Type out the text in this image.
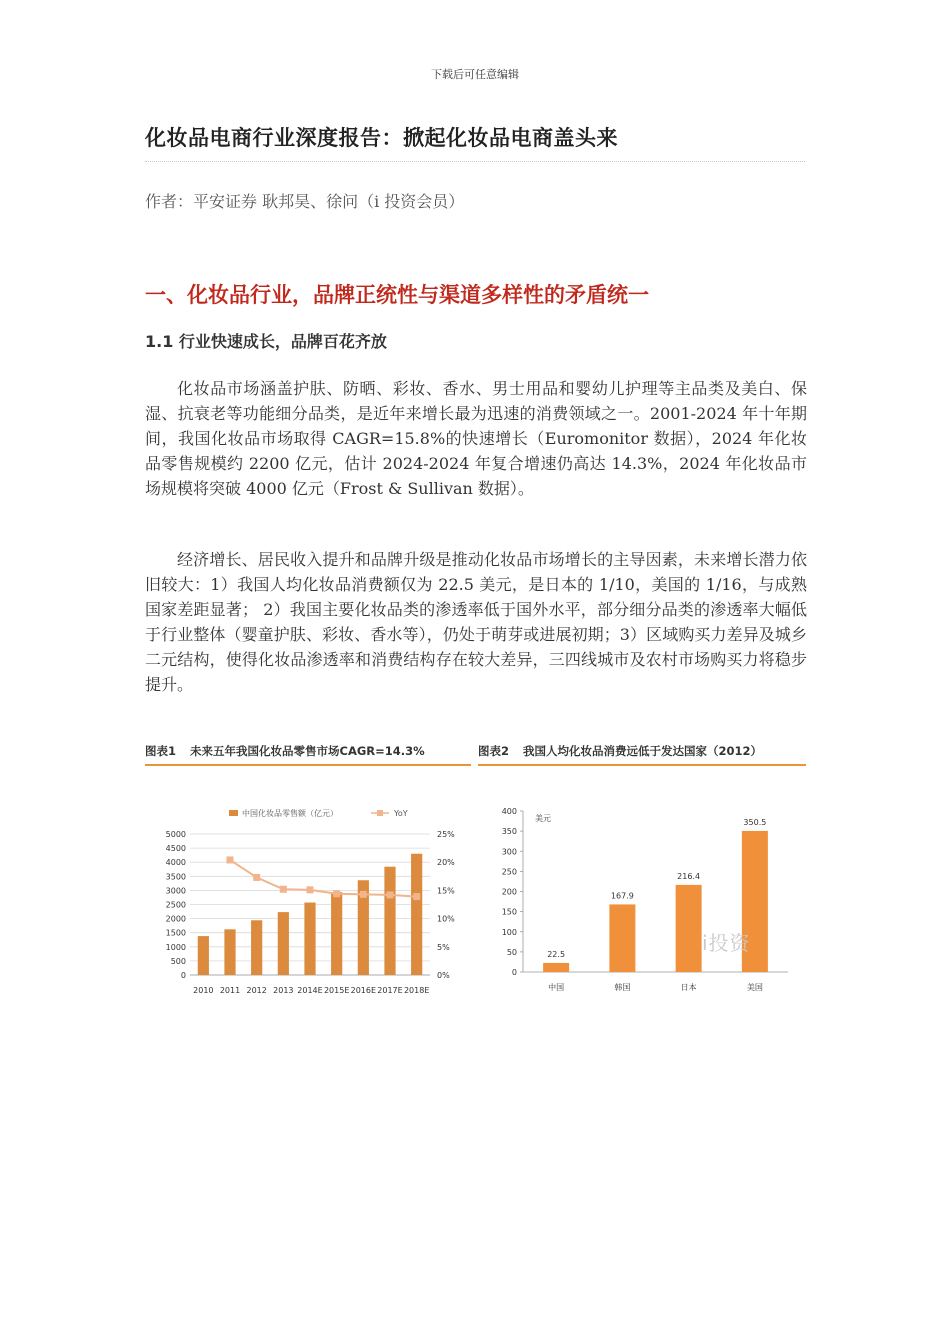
下载后可任意编辑
化妆品电商行业深度报告：掀起化妆品电商盖头来
作者：平安证券 耿邦昊、徐问（i 投资会员）
一、化妆品行业，品牌正统性与渠道多样性的矛盾统一
1.1 行业快速成长，品牌百花齐放

化妆品市场涵盖护肤、防晒、彩妆、香水、男士用品和婴幼儿护理等主品类及美白、保湿、抗衰老等功能细分品类，是近年来增长最为迅速的消费领域之一。2001-2024 年十年期间，我国化妆品市场取得 CAGR=15.8%的快速增长（Euromonitor 数据），2024 年化妆品零售规模约 2200 亿元，估计 2024-2024 年复合增速仍高达 14.3%，2024 年化妆品市场规模将突破 4000 亿元（Frost & Sullivan 数据）。

经济增长、居民收入提升和品牌升级是推动化妆品市场增长的主导因素，未来增长潜力依旧较大：1）我国人均化妆品消费额仅为 22.5 美元，是日本的 1/10，美国的 1/16，与成熟国家差距显著； 2）我国主要化妆品类的渗透率低于国外水平，部分细分品类的渗透率大幅低于行业整体（婴童护肤、彩妆、香水等），仍处于萌芽或进展初期；3）区域购买力差异及城乡二元结构，使得化妆品渗透率和消费结构存在较大差异，三四线城市及农村市场购买力将稳步提升。

图表1 未来五年我国化妆品零售市场CAGR=14.3%
中国化妆品零售额（亿元）	YoY
0
500
1000
1500
2000
2500
3000
3500
4000
4500
5000
0%
5%
10%
15%
20%
25%
2010 2011 2012 2013 2014E 2015E 2016E 2017E 2018E
图表2 我国人均化妆品消费远低于发达国家（2012）
0
50
100
150
200
250
300
350
400
美元
22.5
中国
167.9
韩国
216.4
日本
350.5
美国
i投资
